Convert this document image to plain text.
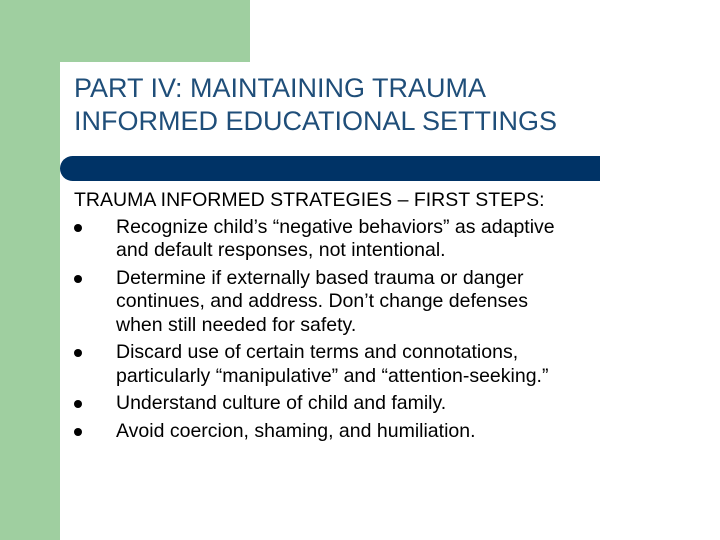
PART IV: MAINTAINING TRAUMA
INFORMED EDUCATIONAL SETTINGS

TRAUMA INFORMED STRATEGIES – FIRST STEPS:

Recognize child’s “negative behaviors” as adaptive
and default responses, not intentional.
Determine if externally based trauma or danger
continues, and address. Don’t change defenses
when still needed for safety.
Discard use of certain terms and connotations,
particularly “manipulative” and “attention-seeking.”
Understand culture of child and family.
Avoid coercion, shaming, and humiliation.
